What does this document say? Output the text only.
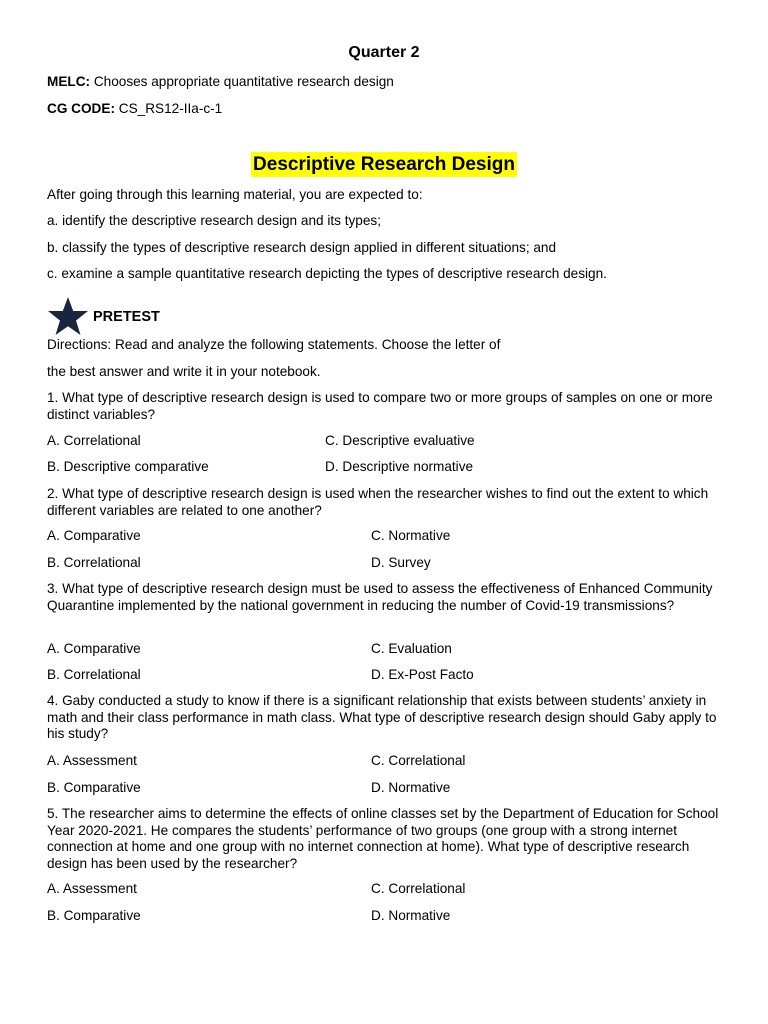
Quarter 2
MELC: Chooses appropriate quantitative research design
CG CODE: CS_RS12-IIa-c-1
Descriptive Research Design
After going through this learning material, you are expected to:
a. identify the descriptive research design and its types;
b. classify the types of descriptive research design applied in different situations; and
c. examine a sample quantitative research depicting the types of descriptive research design.
PRETEST
Directions: Read and analyze the following statements. Choose the letter of
the best answer and write it in your notebook.
1. What type of descriptive research design is used to compare two or more groups of samples on one or more distinct variables?
A. Correlational	C. Descriptive evaluative
B. Descriptive comparative	D. Descriptive normative
2. What type of descriptive research design is used when the researcher wishes to find out the extent to which different variables are related to one another?
A. Comparative	C. Normative
B. Correlational	D. Survey
3. What type of descriptive research design must be used to assess the effectiveness of Enhanced Community Quarantine implemented by the national government in reducing the number of Covid-19 transmissions?
A. Comparative	C. Evaluation
B. Correlational	D. Ex-Post Facto
4. Gaby conducted a study to know if there is a significant relationship that exists between students’ anxiety in math and their class performance in math class. What type of descriptive research design should Gaby apply to his study?
A. Assessment	C. Correlational
B. Comparative	D. Normative
5. The researcher aims to determine the effects of online classes set by the Department of Education for School Year 2020-2021. He compares the students’ performance of two groups (one group with a strong internet connection at home and one group with no internet connection at home). What type of descriptive research design has been used by the researcher?
A. Assessment	C. Correlational
B. Comparative	D. Normative
